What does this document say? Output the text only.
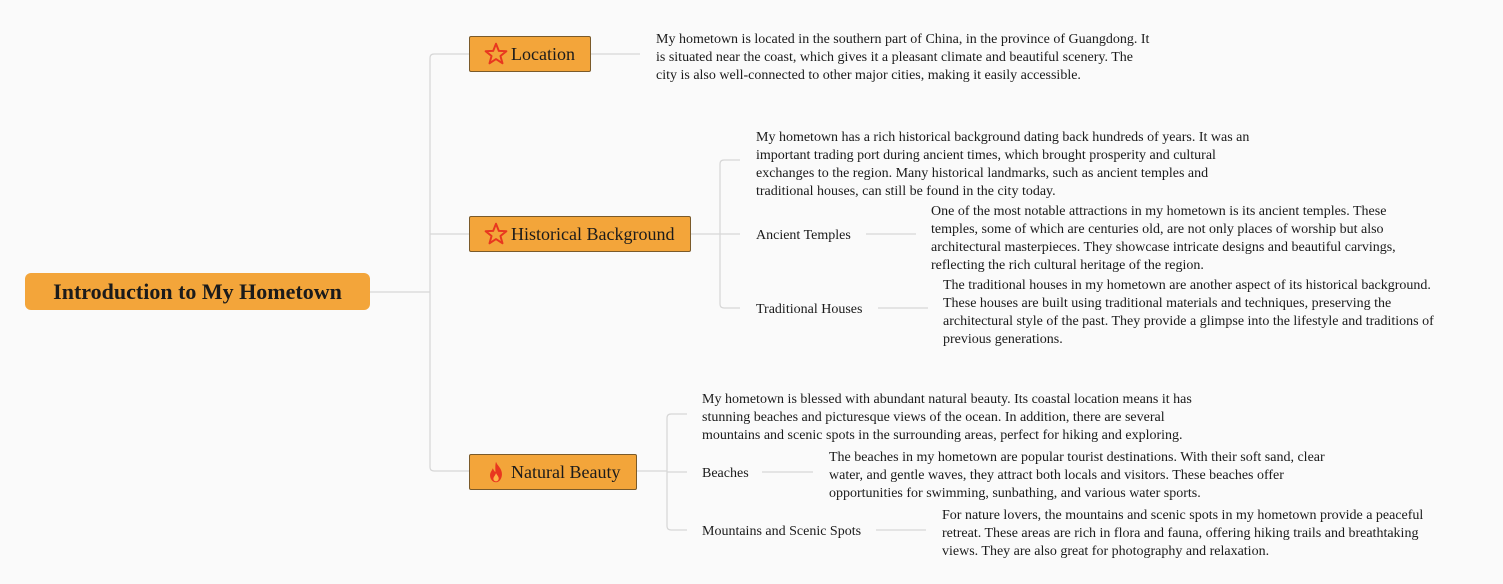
Introduction to My Hometown
Location
My hometown is located in the southern part of China, in the province of Guangdong. It is situated near the coast, which gives it a pleasant climate and beautiful scenery. The city is also well-connected to other major cities, making it easily accessible.
Historical Background
My hometown has a rich historical background dating back hundreds of years. It was an important trading port during ancient times, which brought prosperity and cultural exchanges to the region. Many historical landmarks, such as ancient temples and traditional houses, can still be found in the city today.
Ancient Temples
One of the most notable attractions in my hometown is its ancient temples. These temples, some of which are centuries old, are not only places of worship but also architectural masterpieces. They showcase intricate designs and beautiful carvings, reflecting the rich cultural heritage of the region.
Traditional Houses
The traditional houses in my hometown are another aspect of its historical background. These houses are built using traditional materials and techniques, preserving the architectural style of the past. They provide a glimpse into the lifestyle and traditions of previous generations.
Natural Beauty
My hometown is blessed with abundant natural beauty. Its coastal location means it has stunning beaches and picturesque views of the ocean. In addition, there are several mountains and scenic spots in the surrounding areas, perfect for hiking and exploring.
Beaches
The beaches in my hometown are popular tourist destinations. With their soft sand, clear water, and gentle waves, they attract both locals and visitors. These beaches offer opportunities for swimming, sunbathing, and various water sports.
Mountains and Scenic Spots
For nature lovers, the mountains and scenic spots in my hometown provide a peaceful retreat. These areas are rich in flora and fauna, offering hiking trails and breathtaking views. They are also great for photography and relaxation.
